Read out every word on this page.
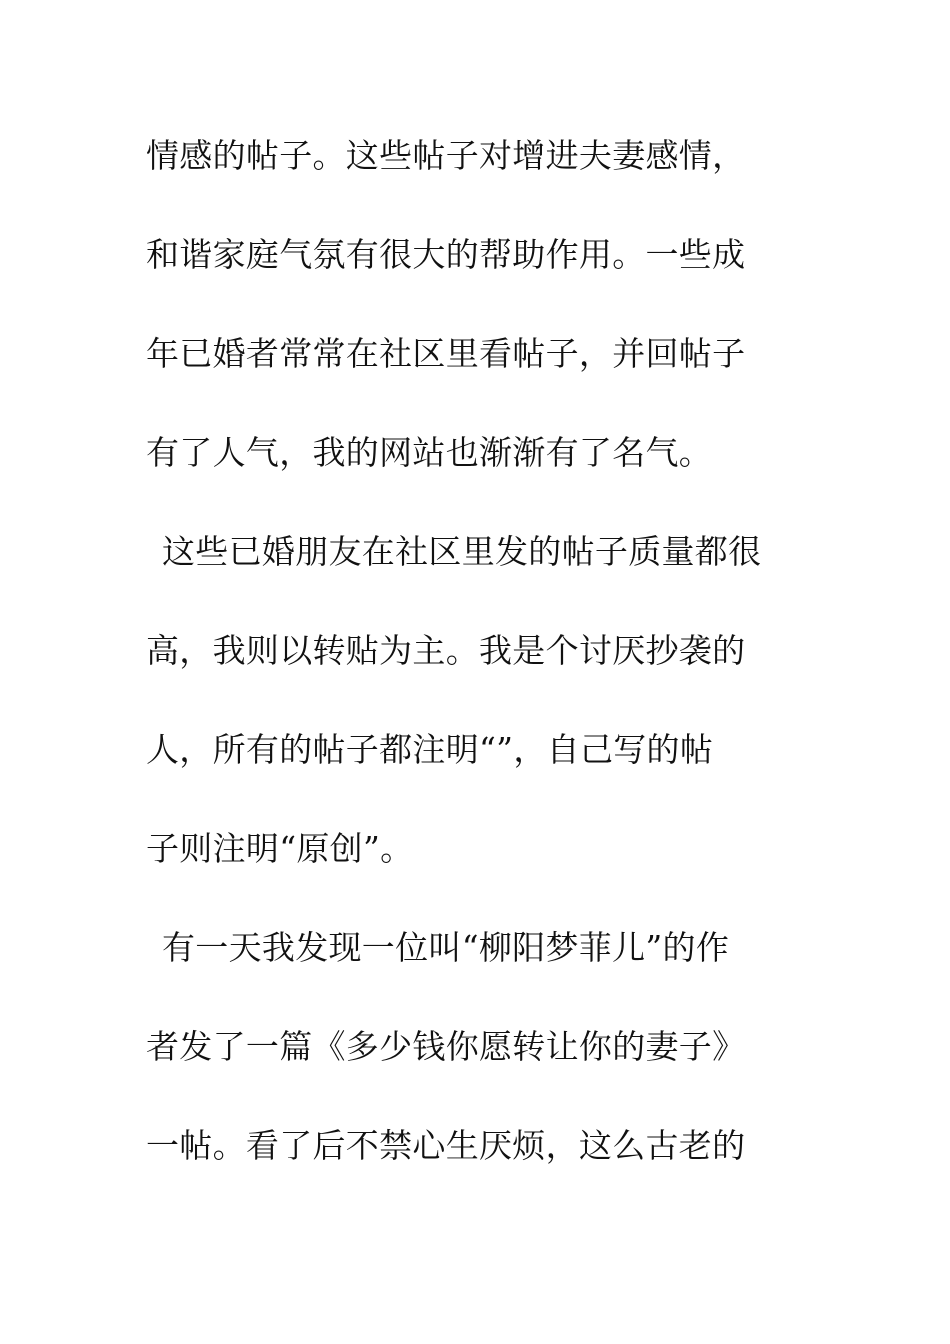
情感的帖子。这些帖子对增进夫妻感情，
和谐家庭气氛有很大的帮助作用。一些成
年已婚者常常在社区里看帖子，并回帖子
有了人气，我的网站也渐渐有了名气。
这些已婚朋友在社区里发的帖子质量都很
高，我则以转贴为主。我是个讨厌抄袭的
人，所有的帖子都注明“”，自己写的帖
子则注明“原创”。
有一天我发现一位叫“柳阳梦菲儿”的作
者发了一篇《多少钱你愿转让你的妻子》
一帖。看了后不禁心生厌烦，这么古老的
